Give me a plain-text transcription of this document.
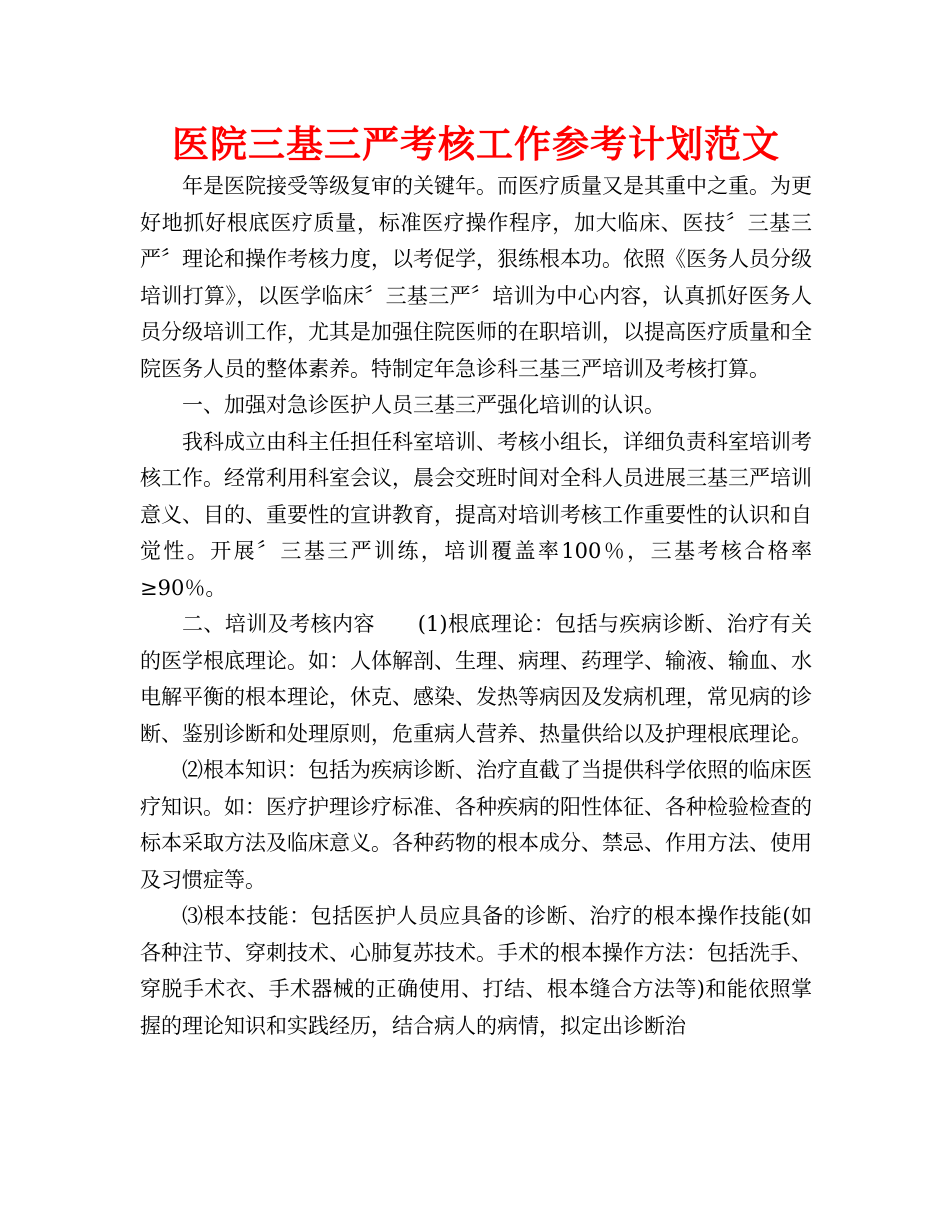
医院三基三严考核工作参考计划范文

年是医院接受等级复审的关键年。而医疗质量又是其重中之重。为更好地抓好根底医疗质量，标准医疗操作程序，加大临床、医技〞三基三严〞理论和操作考核力度，以考促学，狠练根本功。依照《医务人员分级培训打算》，以医学临床〞三基三严〞培训为中心内容，认真抓好医务人员分级培训工作，尤其是加强住院医师的在职培训，以提高医疗质量和全院医务人员的整体素养。特制定年急诊科三基三严培训及考核打算。

一、加强对急诊医护人员三基三严强化培训的认识。

我科成立由科主任担任科室培训、考核小组长，详细负责科室培训考核工作。经常利用科室会议，晨会交班时间对全科人员进展三基三严培训意义、目的、重要性的宣讲教育，提高对培训考核工作重要性的认识和自觉性。开展〞三基三严训练，培训覆盖率100％，三基考核合格率≥90％。

二、培训及考核内容　　(1)根底理论：包括与疾病诊断、治疗有关的医学根底理论。如：人体解剖、生理、病理、药理学、输液、输血、水电解平衡的根本理论，休克、感染、发热等病因及发病机理，常见病的诊断、鉴别诊断和处理原则，危重病人营养、热量供给以及护理根底理论。

⑵根本知识：包括为疾病诊断、治疗直截了当提供科学依照的临床医疗知识。如：医疗护理诊疗标准、各种疾病的阳性体征、各种检验检查的标本采取方法及临床意义。各种药物的根本成分、禁忌、作用方法、使用及习惯症等。

⑶根本技能：包括医护人员应具备的诊断、治疗的根本操作技能(如各种注节、穿刺技术、心肺复苏技术。手术的根本操作方法：包括洗手、穿脱手术衣、手术器械的正确使用、打结、根本缝合方法等)和能依照掌握的理论知识和实践经历，结合病人的病情，拟定出诊断治
